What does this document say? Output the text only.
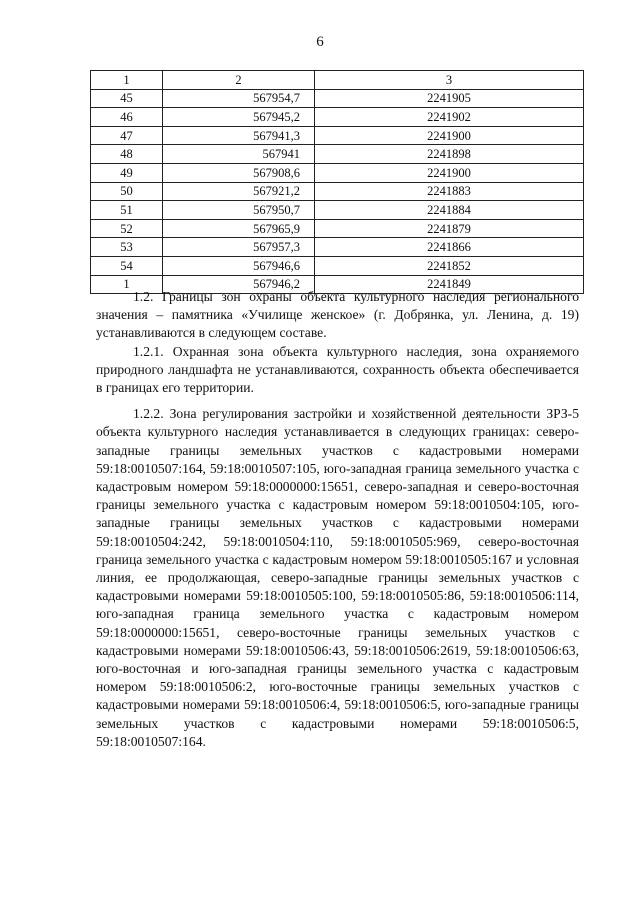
6
1	2	3
45	567954,7	2241905
46	567945,2	2241902
47	567941,3	2241900
48	567941	2241898
49	567908,6	2241900
50	567921,2	2241883
51	567950,7	2241884
52	567965,9	2241879
53	567957,3	2241866
54	567946,6	2241852
1	567946,2	2241849

1.2. Границы зон охраны объекта культурного наследия регионального значения – памятника «Училище женское» (г. Добрянка, ул. Ленина, д. 19) устанавливаются в следующем составе.

1.2.1. Охранная зона объекта культурного наследия, зона охраняемого природного ландшафта не устанавливаются, сохранность объекта обеспечивается в границах его территории.

1.2.2. Зона регулирования застройки и хозяйственной деятельности ЗРЗ-5 объекта культурного наследия устанавливается в следующих границах: северо-западные границы земельных участков с кадастровыми номерами 59:18:0010507:164, 59:18:0010507:105, юго-западная граница земельного участка с кадастровым номером 59:18:0000000:15651, северо-западная и северо-восточная границы земельного участка с кадастровым номером 59:18:0010504:105, юго-западные границы земельных участков с кадастровыми номерами 59:18:0010504:242, 59:18:0010504:110, 59:18:0010505:969, северо-восточная граница земельного участка с кадастровым номером 59:18:0010505:167 и условная линия, ее продолжающая, северо-западные границы земельных участков с кадастровыми номерами 59:18:0010505:100, 59:18:0010505:86, 59:18:0010506:114, юго-западная граница земельного участка с кадастровым номером 59:18:0000000:15651, северо-восточные границы земельных участков с кадастровыми номерами 59:18:0010506:43, 59:18:0010506:2619, 59:18:0010506:63, юго-восточная и юго-западная границы земельного участка с кадастровым номером 59:18:0010506:2, юго-восточные границы земельных участков с кадастровыми номерами 59:18:0010506:4, 59:18:0010506:5, юго-западные границы земельных участков с кадастровыми номерами 59:18:0010506:5, 59:18:0010507:164.
